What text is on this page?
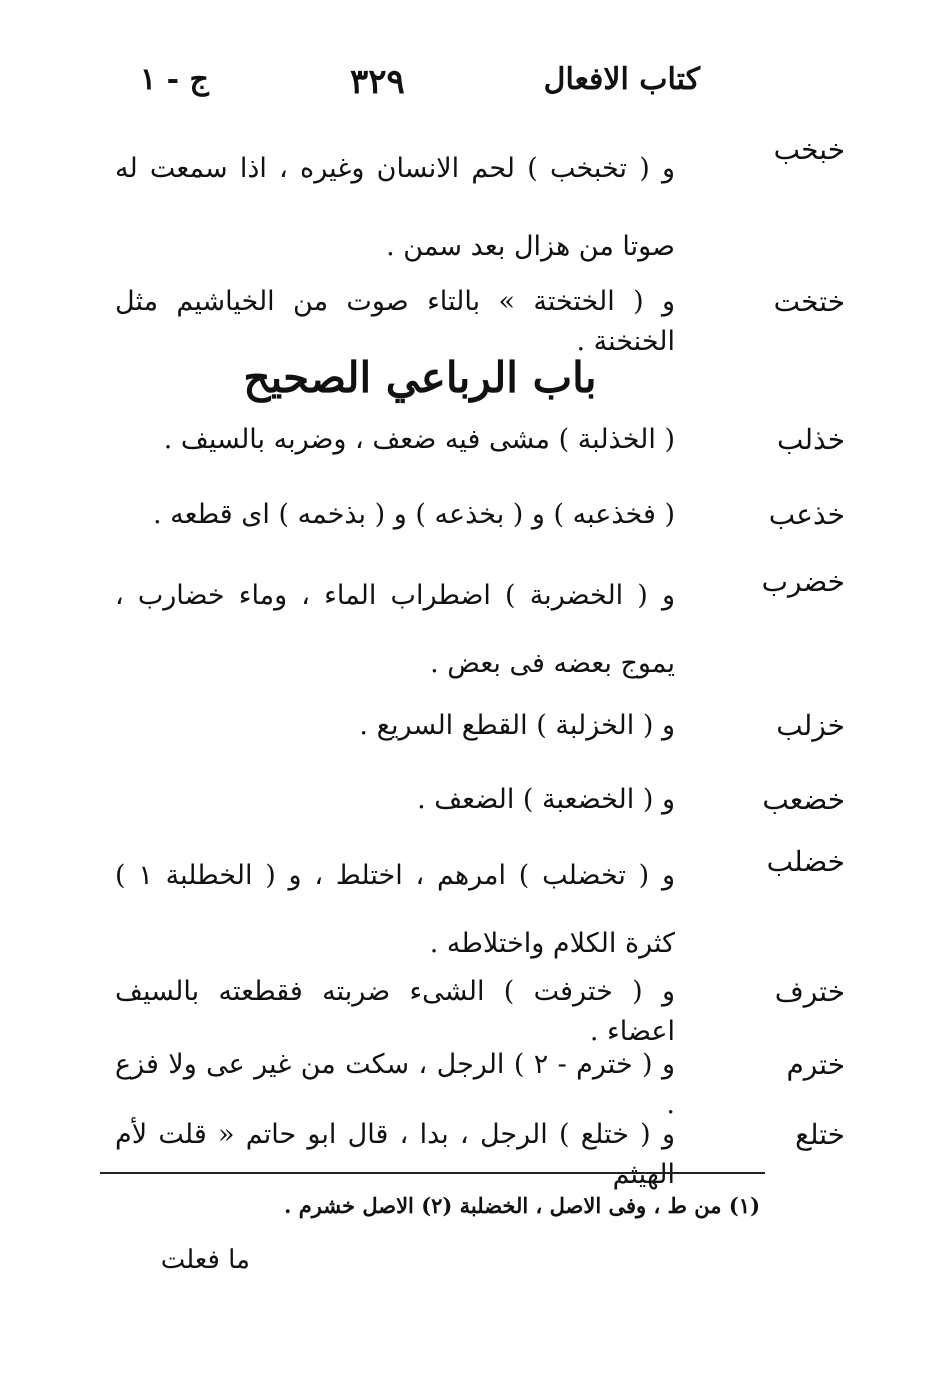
كتاب الافعال
٣٢٩
ج - ١
خبخب
و ( تخبخب ) لحم الانسان وغيره ، اذا سمعت له صوتا من هزال بعد سمن .
ختخت
و ( الختختة » بالتاء صوت من الخياشيم مثل الخنخنة .
باب الرباعي الصحيح
خذلب
( الخذلبة ) مشى فيه ضعف ، وضربه بالسيف .
خذعب
( فخذعبه ) و ( بخذعه ) و ( بذخمه ) اى قطعه .
خضرب
و ( الخضربة ) اضطراب الماء ، وماء خضارب ، يموج بعضه فى بعض .
خزلب
و ( الخزلبة ) القطع السريع .
خضعب
و ( الخضعبة ) الضعف .
خضلب
و ( تخضلب ) امرهم ، اختلط ، و ( الخطلبة ١ ) كثرة الكلام واختلاطه .
خترف
و ( خترفت ) الشىء ضربته فقطعته بالسيف اعضاء .
خترم
و ( خترم - ٢ ) الرجل ، سكت من غير عى ولا فزع .
ختلع
و ( ختلع ) الرجل ، بدا ، قال ابو حاتم « قلت لأم الهيثم
(١) من ط ، وفى الاصل ، الخضلبة (٢) الاصل خشرم .
ما فعلت
